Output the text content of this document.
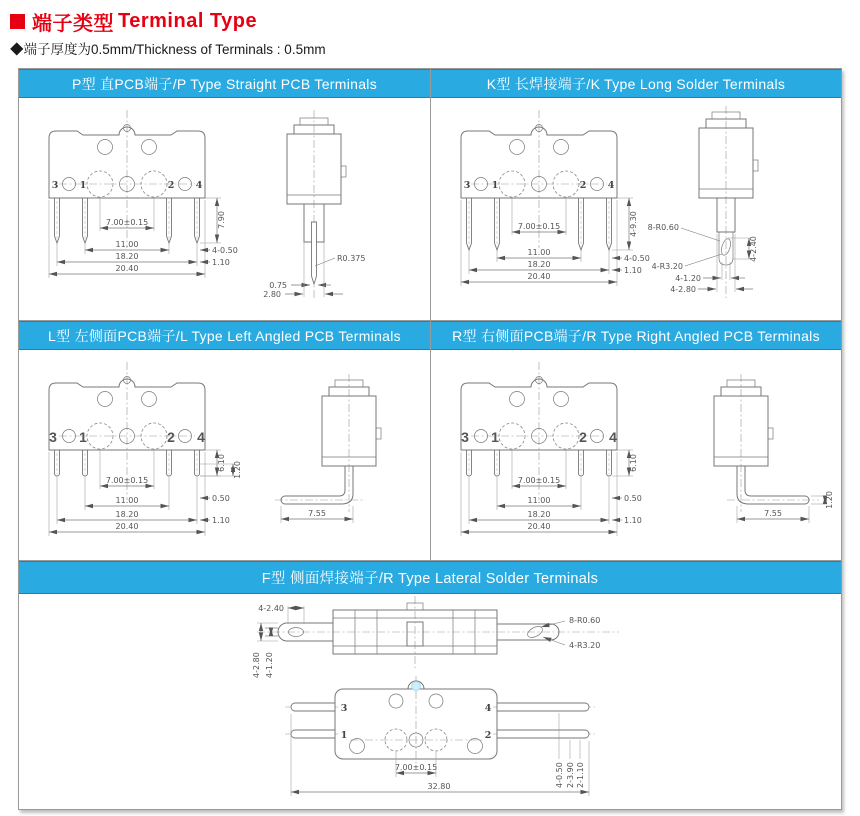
端子类型 Terminal Type
◆端子厚度为0.5mm/Thickness of Terminals : 0.5mm
P型 直PCB端子/P Type Straight PCB Terminals
3 1	2 4
7.00±0.15
11.00
18.20
20.40
7.90
4-0.50
1.10	R0.375
0.75
2.80
K型 长焊接端子/K Type Long Solder Terminals
3 1	2 4
7.00±0.15
11.00
18.20
20.40
4-9.30
4-0.50
1.10
8-R0.60
4-R3.20
4-1.20
4-2.80
4-2.40
L型 左侧面PCB端子/L Type Left Angled PCB Terminals
3 1	2 4
7.00±0.15
11.00
18.20
20.40
6.10 1.20
0.50
1.10
7.55
R型 右侧面PCB端子/R Type Right Angled PCB Terminals
3 1	2 4
7.00±0.15
11.00
18.20
20.40
6.10
0.50
1.10
7.55
1.20
F型 侧面焊接端子/R Type Lateral Solder Terminals
4-2.40
4-2.80 4-1.20
8-R0.60
4-R3.20
3
1
4
2
7.00±0.15
32.80	4-0.50 2-3.90 2-1.10
